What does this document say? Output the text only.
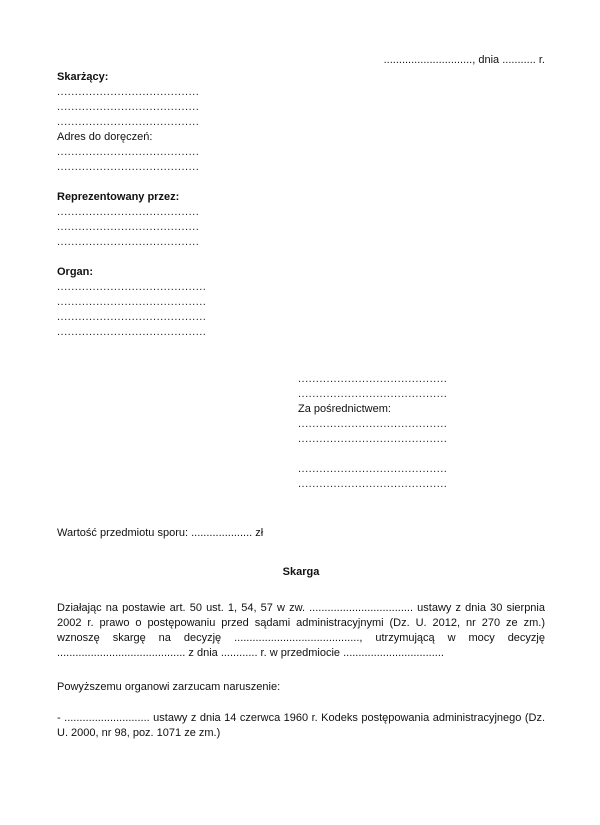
............................., dnia ........... r.
Skarżący:
........................................
........................................
........................................
Adres do doręczeń:
........................................
........................................
Reprezentowany przez:
........................................
........................................
........................................
Organ:
..........................................
..........................................
..........................................
..........................................
..........................................
..........................................
Za pośrednictwem:
..........................................
..........................................
..........................................
..........................................
Wartość przedmiotu sporu: .................... zł
Skarga
Działając na postawie art. 50 ust. 1, 54, 57 w zw. .................................. ustawy z dnia 30 sierpnia 2002 r. prawo o postępowaniu przed sądami administracyjnymi (Dz. U. 2012, nr 270 ze zm.) wznoszę skargę na decyzję ........................................., utrzymującą w mocy decyzję .......................................... z dnia ............ r. w przedmiocie .................................
Powyższemu organowi zarzucam naruszenie:
- ............................ ustawy z dnia 14 czerwca 1960 r. Kodeks postępowania administracyjnego (Dz. U. 2000, nr 98, poz. 1071 ze zm.)
